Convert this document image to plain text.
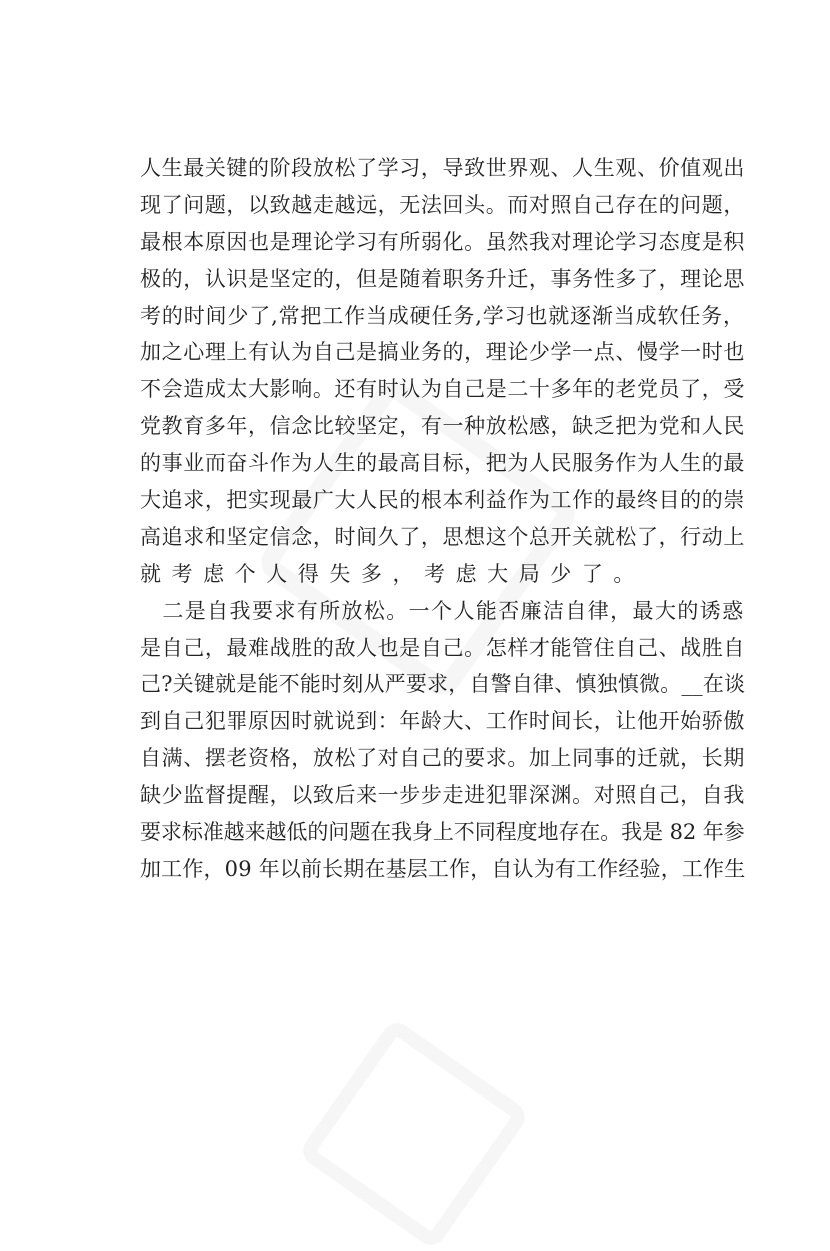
人生最关键的阶段放松了学习，导致世界观、人生观、价值观出
现了问题，以致越走越远，无法回头。而对照自己存在的问题，
最根本原因也是理论学习有所弱化。虽然我对理论学习态度是积
极的，认识是坚定的，但是随着职务升迁，事务性多了，理论思
考的时间少了,常把工作当成硬任务,学习也就逐渐当成软任务，
加之心理上有认为自己是搞业务的，理论少学一点、慢学一时也
不会造成太大影响。还有时认为自己是二十多年的老党员了，受
党教育多年，信念比较坚定，有一种放松感，缺乏把为党和人民
的事业而奋斗作为人生的最高目标，把为人民服务作为人生的最
大追求，把实现最广大人民的根本利益作为工作的最终目的的崇
高追求和坚定信念，时间久了，思想这个总开关就松了，行动上
就考虑个人得失多，考虑大局少了。
　二是自我要求有所放松。一个人能否廉洁自律，最大的诱惑
是自己，最难战胜的敌人也是自己。怎样才能管住自己、战胜自
己?关键就是能不能时刻从严要求，自警自律、慎独慎微。__在谈
到自己犯罪原因时就说到：年龄大、工作时间长，让他开始骄傲
自满、摆老资格，放松了对自己的要求。加上同事的迁就，长期
缺少监督提醒，以致后来一步步走进犯罪深渊。对照自己，自我
要求标准越来越低的问题在我身上不同程度地存在。我是 82 年参
加工作，09 年以前长期在基层工作，自认为有工作经验，工作生
